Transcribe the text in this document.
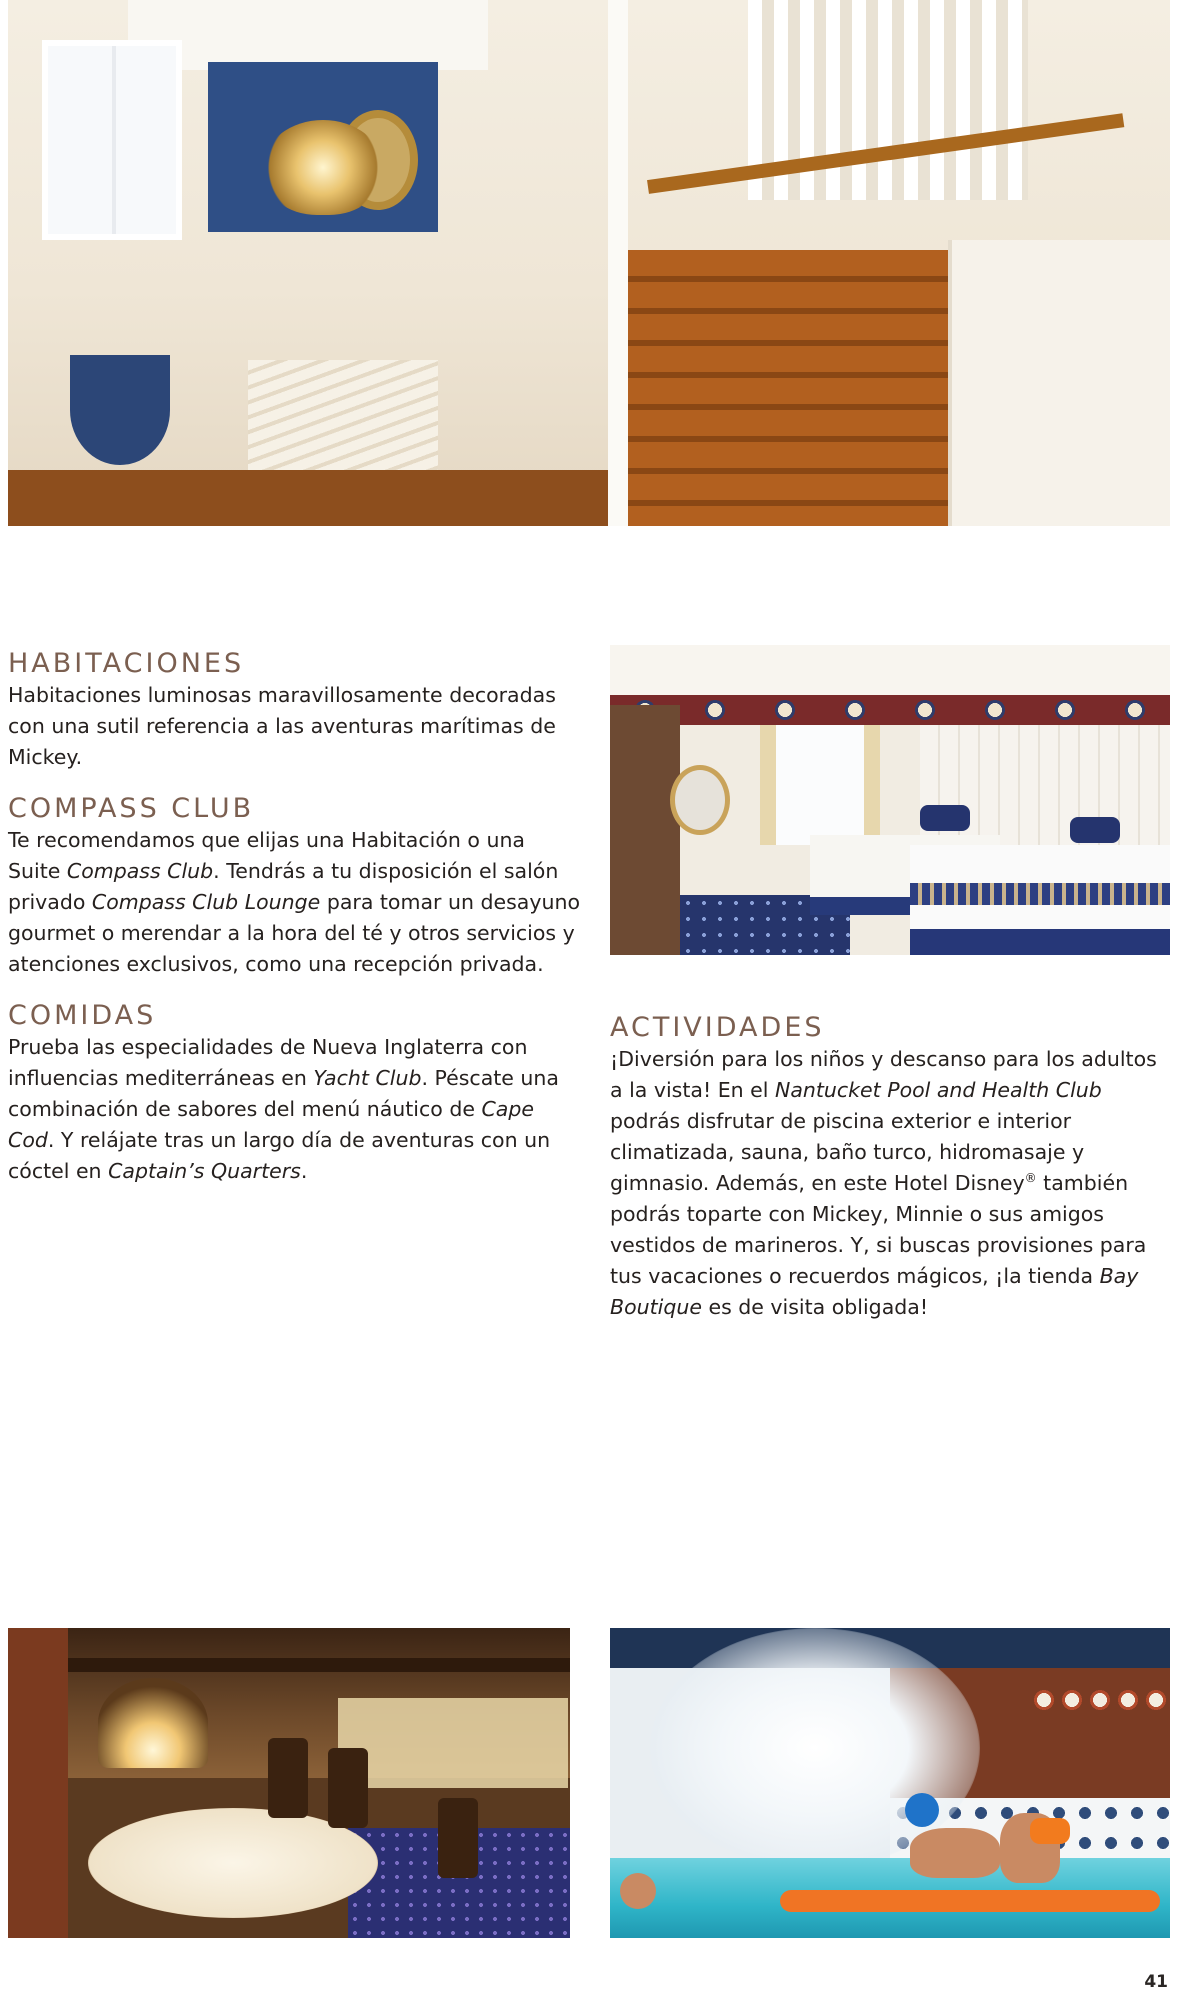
HABITACIONES

Habitaciones luminosas maravillosamente decoradas con una sutil referencia a las aventuras marítimas de Mickey.

COMPASS CLUB

Te recomendamos que elijas una Habitación o una Suite Compass Club. Tendrás a tu disposición el salón privado Compass Club Lounge para tomar un desayuno gourmet o merendar a la hora del té y otros servicios y atenciones exclusivos, como una recepción privada.

COMIDAS

Prueba las especialidades de Nueva Inglaterra con influencias mediterráneas en Yacht Club. Péscate una combinación de sabores del menú náutico de Cape Cod. Y relájate tras un largo día de aventuras con un cóctel en Captain’s Quarters.

ACTIVIDADES

¡Diversión para los niños y descanso para los adultos a la vista! En el Nantucket Pool and Health Club podrás disfrutar de piscina exterior e interior climatizada, sauna, baño turco, hidromasaje y gimnasio. Además, en este Hotel Disney® también podrás toparte con Mickey, Minnie o sus amigos vestidos de marineros. Y, si buscas provisiones para tus vacaciones o recuerdos mágicos, ¡la tienda Bay Boutique es de visita obligada!

41
